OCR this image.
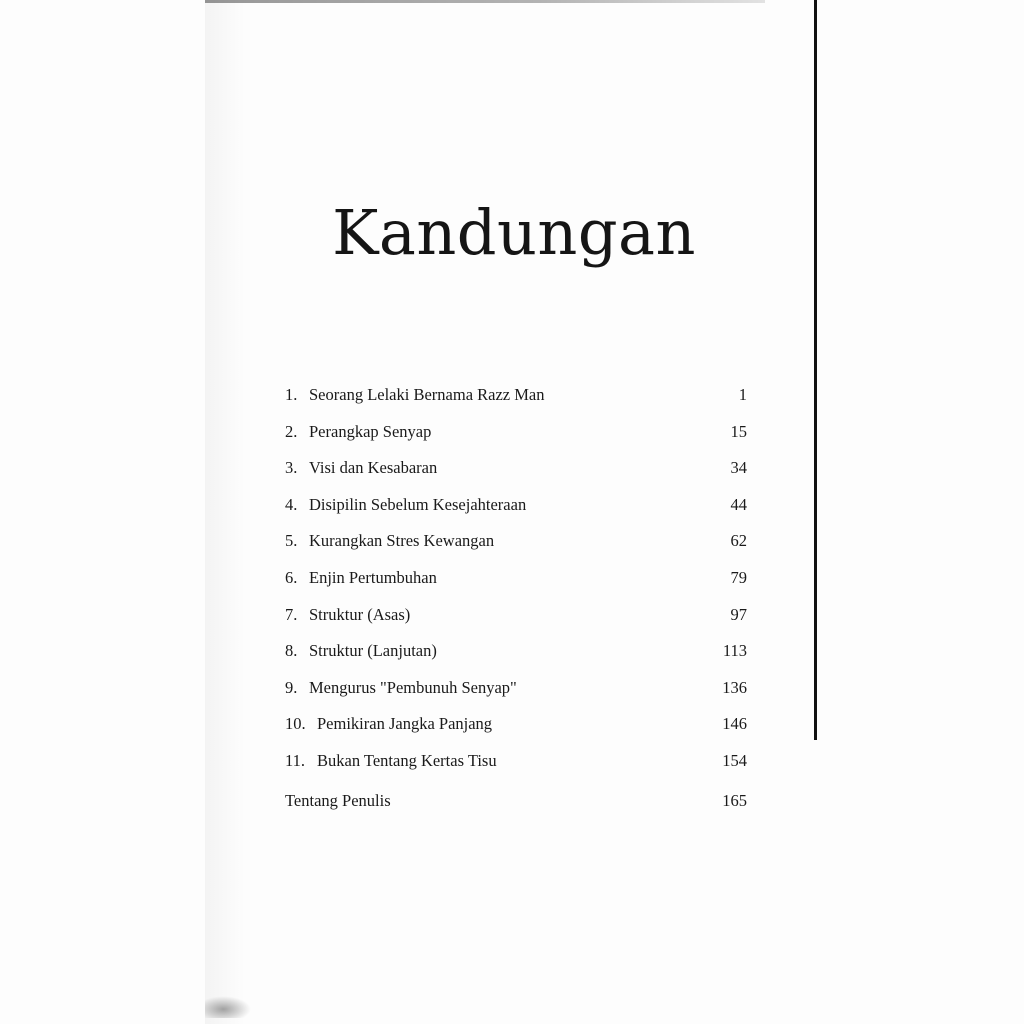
Kandungan
1. Seorang Lelaki Bernama Razz Man	1
2. Perangkap Senyap	15
3. Visi dan Kesabaran	34
4. Disipilin Sebelum Kesejahteraan	44
5. Kurangkan Stres Kewangan	62
6. Enjin Pertumbuhan	79
7. Struktur (Asas)	97
8. Struktur (Lanjutan)	113
9. Mengurus "Pembunuh Senyap"	136
10. Pemikiran Jangka Panjang	146
11. Bukan Tentang Kertas Tisu	154
Tentang Penulis	165
